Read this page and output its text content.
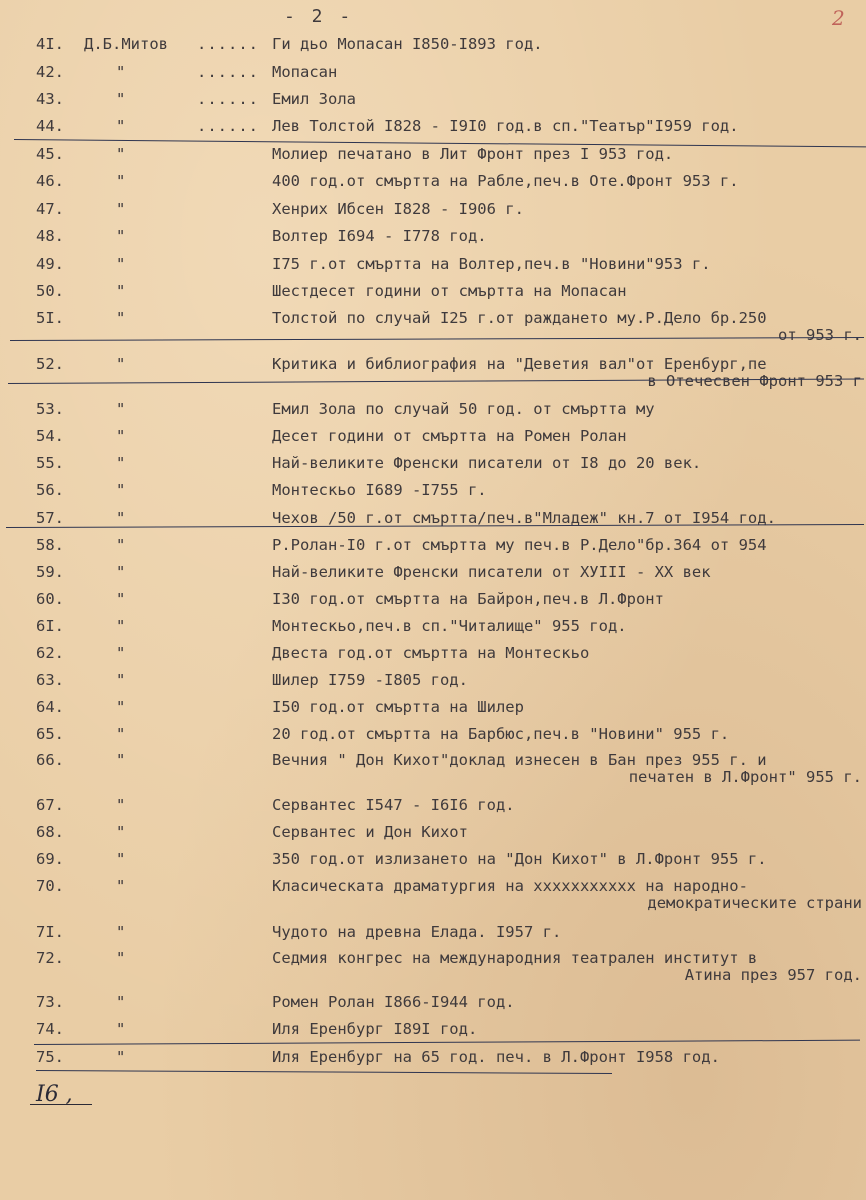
- 2 -	2
4I. Д.Б.Митов ...... Ги дьо Мопасан I850-I893 год.
42.	"	...... Мопасан
43.	"	...... Емил Зола
44.	"	...... Лев Толстой I828 - I9I0 год.в сп."Театър"I959 год.
45.	"	Молиер печатано в Лит Фронт през I 953 год.
46.	"	400 год.от смъртта на Рабле,печ.в Оте.Фронт 953 г.
47.	"	Хенрих Ибсен I828 - I906 г.
48.	"	Волтер I694 - I778 год.
49.	"	I75 г.от смъртта на Волтер,печ.в "Новини"953 г.
50.	"	Шестдесет години от смъртта на Мопасан
5I.	"	Толстой по случай I25 г.от раждането му.Р.Дело бр.250
от 953 г.
52.	"	Критика и библиография на "Деветия вал"от Еренбург,пе
в Отечесвен Фронт 953 г
53.	"	Емил Зола по случай 50 год. от смъртта му
54.	"	Десет години от смъртта на Ромен Ролан
55.	"	Най-великите Френски писатели от I8 до 20 век.
56.	"	Монтескьо I689 -I755 г.
57.	"	Чехов /50 г.от смъртта/печ.в"Младеж" кн.7 от I954 год.
58.	"	Р.Ролан-I0 г.от смъртта му печ.в Р.Дело"бр.364 от 954
59.	"	Най-великите Френски писатели от ХУIII - ХХ век
60.	"	I30 год.от смъртта на Байрон,печ.в Л.Фронт
6I.	"	Монтескьо,печ.в сп."Читалище" 955 год.
62.	"	Двеста год.от смъртта на Монтескьо
63.	"	Шилер I759 -I805 год.
64.	"	I50 год.от смъртта на Шилер
65.	"	20 год.от смъртта на Барбюс,печ.в "Новини" 955 г.
66.	"	Вечния " Дон Кихот"доклад изнесен в Бан през 955 г. и
печатен в Л.Фронт" 955 г.
67.	"	Сервантес I547 - I6I6 год.
68.	"	Сервантес и Дон Кихот
69.	"	350 год.от излизането на "Дон Кихот" в Л.Фронт 955 г.
70.	"	Класическата драматургия на ххххххххххх на народно-
демократическите страни
7I.	"	Чудото на древна Елада. I957 г.
72.	"	Седмия конгрес на международния театрален институт в
Атина през 957 год.
73.	"	Ромен Ролан I866-I944 год.
74.	"	Иля Еренбург I89I год.
75.	"	Иля Еренбург на 65 год. печ. в Л.Фронт I958 год.
I6 ,
